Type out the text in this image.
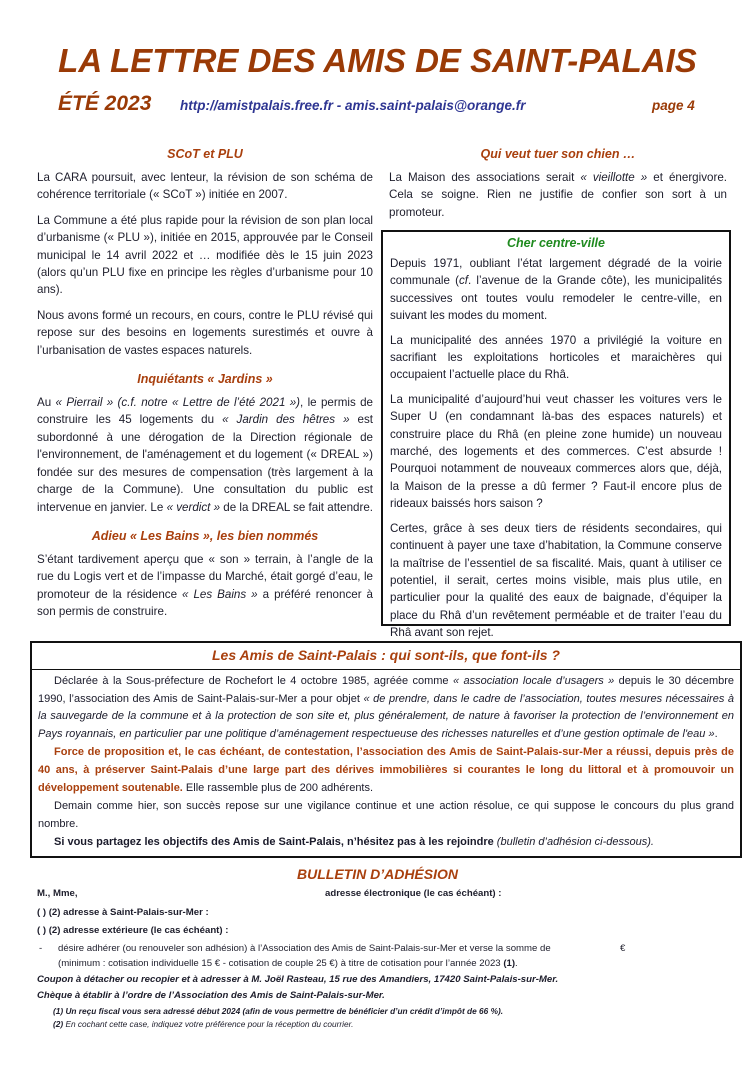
LA LETTRE DES AMIS DE SAINT-PALAIS
ÉTÉ 2023 http://amistpalais.free.fr - amis.saint-palais@orange.fr	page 4
SCoT et PLU

La CARA poursuit, avec lenteur, la révision de son schéma de cohérence territoriale (« SCoT ») initiée en 2007.

La Commune a été plus rapide pour la révision de son plan local d’urbanisme (« PLU »), initiée en 2015, approuvée par le Conseil municipal le 14 avril 2022 et … modifiée dès le 15 juin 2023 (alors qu’un PLU fixe en principe les règles d’urbanisme pour 10 ans).

Nous avons formé un recours, en cours, contre le PLU révisé qui repose sur des besoins en logements surestimés et ouvre à l’urbanisation de vastes espaces naturels.

Inquiétants « Jardins »

Au « Pierrail » (c.f. notre « Lettre de l’été 2021 »), le permis de construire les 45 logements du « Jardin des hêtres » est subordonné à une dérogation de la Direction régionale de l'environnement, de l'aménagement et du logement (« DREAL ») fondée sur des mesures de compensation (très largement à la charge de la Commune). Une consultation du public est intervenue en janvier. Le « verdict » de la DREAL se fait attendre.

Adieu « Les Bains », les bien nommés

S’étant tardivement aperçu que « son » terrain, à l’angle de la rue du Logis vert et de l’impasse du Marché, était gorgé d’eau, le promoteur de la résidence « Les Bains » a préféré renoncer à son permis de construire.

Qui veut tuer son chien …

La Maison des associations serait « vieillotte » et énergivore. Cela se soigne. Rien ne justifie de confier son sort à un promoteur.

Cher centre-ville

Depuis 1971, oubliant l’état largement dégradé de la voirie communale (cf. l’avenue de la Grande côte), les municipalités successives ont toutes voulu remodeler le centre-ville, en suivant les modes du moment.

La municipalité des années 1970 a privilégié la voiture en sacrifiant les exploitations horticoles et maraichères qui occupaient l’actuelle place du Rhâ.

La municipalité d’aujourd’hui veut chasser les voitures vers le Super U (en condamnant là-bas des espaces naturels) et construire place du Rhâ (en pleine zone humide) un nouveau marché, des logements et des commerces. C’est absurde ! Pourquoi notamment de nouveaux commerces alors que, déjà, la Maison de la presse a dû fermer ? Faut-il encore plus de rideaux baissés hors saison ?

Certes, grâce à ses deux tiers de résidents secondaires, qui continuent à payer une taxe d’habitation, la Commune conserve la maîtrise de l’essentiel de sa fiscalité. Mais, quant à utiliser ce potentiel, il serait, certes moins visible, mais plus utile, en particulier pour la qualité des eaux de baignade, d’équiper la place du Rhâ d’un revêtement perméable et de traiter l’eau du Rhâ avant son rejet.

Les Amis de Saint-Palais : qui sont-ils, que font-ils ?

Déclarée à la Sous-préfecture de Rochefort le 4 octobre 1985, agréée comme « association locale d’usagers » depuis le 30 décembre 1990, l’association des Amis de Saint-Palais-sur-Mer a pour objet « de prendre, dans le cadre de l’association, toutes mesures nécessaires à la sauvegarde de la commune et à la protection de son site et, plus généralement, de nature à favoriser la protection de l’environnement en Pays royannais, en particulier par une politique d’aménagement respectueuse des richesses naturelles et d’une gestion optimale de l'eau ».

Force de proposition et, le cas échéant, de contestation, l’association des Amis de Saint-Palais-sur-Mer a réussi, depuis près de 40 ans, à préserver Saint-Palais d’une large part des dérives immobilières si courantes le long du littoral et à promouvoir un développement soutenable. Elle rassemble plus de 200 adhérents.

Demain comme hier, son succès repose sur une vigilance continue et une action résolue, ce qui suppose le concours du plus grand nombre.

Si vous partagez les objectifs des Amis de Saint-Palais, n’hésitez pas à les rejoindre (bulletin d’adhésion ci-dessous).

BULLETIN D’ADHÉSION
M., Mme,	adresse électronique (le cas échéant) :
( ) (2) adresse à Saint-Palais-sur-Mer :
( ) (2) adresse extérieure (le cas échéant) :
- désire adhérer (ou renouveler son adhésion) à l’Association des Amis de Saint-Palais-sur-Mer et verse la somme de	€
(minimum : cotisation individuelle 15 € - cotisation de couple 25 €) à titre de cotisation pour l’année 2023 (1).
Coupon à détacher ou recopier et à adresser à M. Joël Rasteau, 15 rue des Amandiers, 17420 Saint-Palais-sur-Mer.
Chèque à établir à l’ordre de l’Association des Amis de Saint-Palais-sur-Mer.
(1) Un reçu fiscal vous sera adressé début 2024 (afin de vous permettre de bénéficier d’un crédit d’impôt de 66 %).
(2) En cochant cette case, indiquez votre préférence pour la réception du courrier.
